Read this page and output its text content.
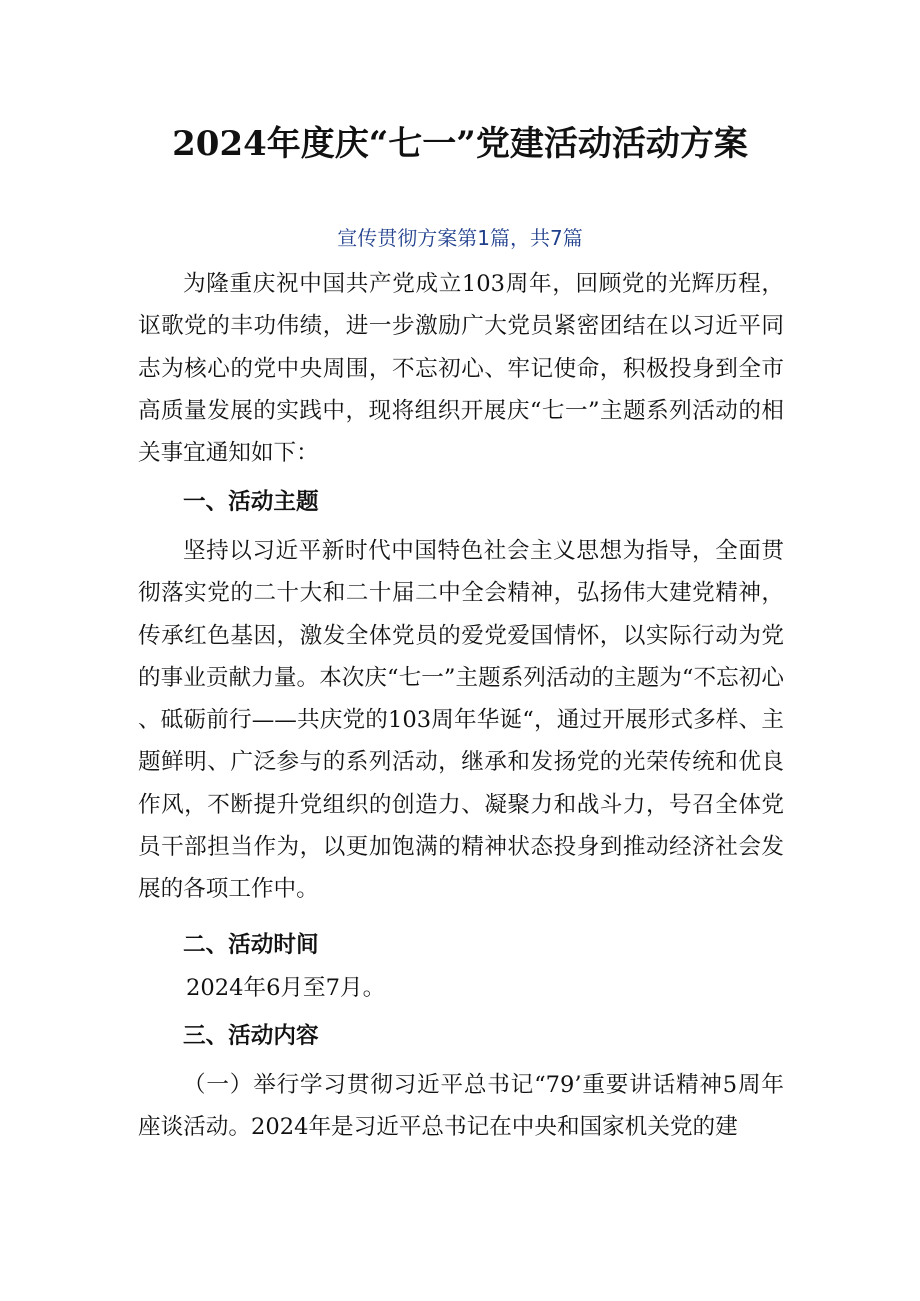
2024年度庆“七一”党建活动活动方案

宣传贯彻方案第1篇，共7篇

为隆重庆祝中国共产党成立103周年，回顾党的光辉历程，讴歌党的丰功伟绩，进一步激励广大党员紧密团结在以习近平同志为核心的党中央周围，不忘初心、牢记使命，积极投身到全市高质量发展的实践中，现将组织开展庆“七一”主题系列活动的相关事宜通知如下：

一、活动主题

坚持以习近平新时代中国特色社会主义思想为指导，全面贯彻落实党的二十大和二十届二中全会精神，弘扬伟大建党精神，传承红色基因，激发全体党员的爱党爱国情怀，以实际行动为党的事业贡献力量。本次庆“七一”主题系列活动的主题为“不忘初心、砥砺前行——共庆党的103周年华诞“，通过开展形式多样、主题鲜明、广泛参与的系列活动，继承和发扬党的光荣传统和优良作风，不断提升党组织的创造力、凝聚力和战斗力，号召全体党员干部担当作为，以更加饱满的精神状态投身到推动经济社会发展的各项工作中。

二、活动时间

2024年6月至7月。

三、活动内容

（一）举行学习贯彻习近平总书记“79’重要讲话精神5周年座谈活动。2024年是习近平总书记在中央和国家机关党的建
